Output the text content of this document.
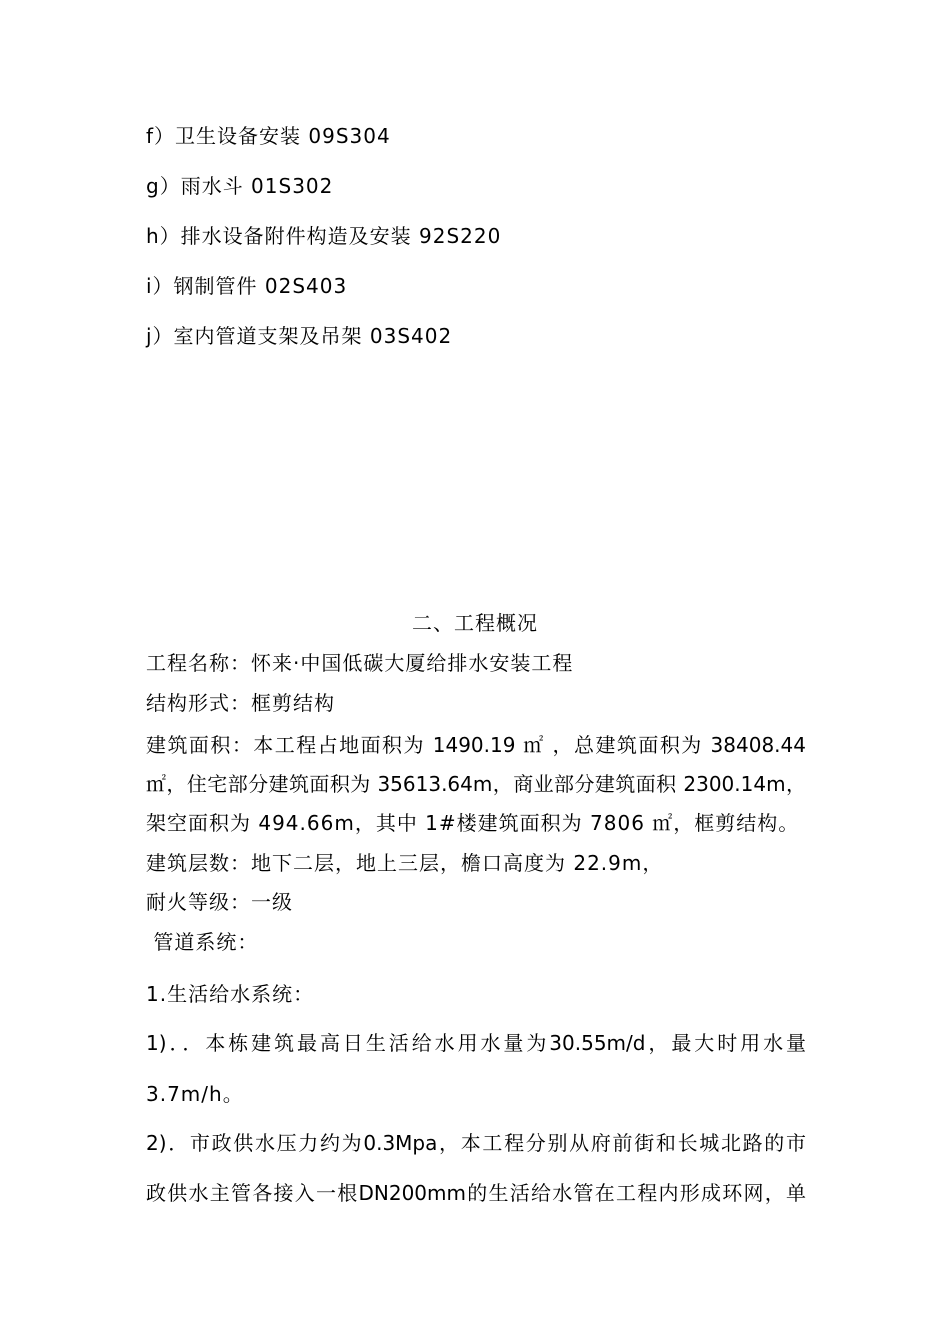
f）卫生设备安装 09S304
g）雨水斗 01S302
h）排水设备附件构造及安装 92S220
i）钢制管件 02S403
j）室内管道支架及吊架 03S402
二、工程概况
工程名称：怀来·中国低碳大厦给排水安装工程
结构形式：框剪结构
建筑面积：本工程占地面积为 1490.19 ㎡ ，总建筑面积为 38408.44
㎡，住宅部分建筑面积为 35613.64m，商业部分建筑面积 2300.14m，
架空面积为 494.66m，其中 1#楼建筑面积为 7806 ㎡，框剪结构。
建筑层数：地下二层，地上三层，檐口高度为 22.9m，
耐火等级：一级
管道系统：
1.生活给水系统：
1)．．本栋建筑最高日生活给水用水量为30.55m/d，最大时用水量
3.7m/h。
2)．市政供水压力约为0.3Mpa，本工程分别从府前街和长城北路的市
政供水主管各接入一根DN200mm的生活给水管在工程内形成环网，单
